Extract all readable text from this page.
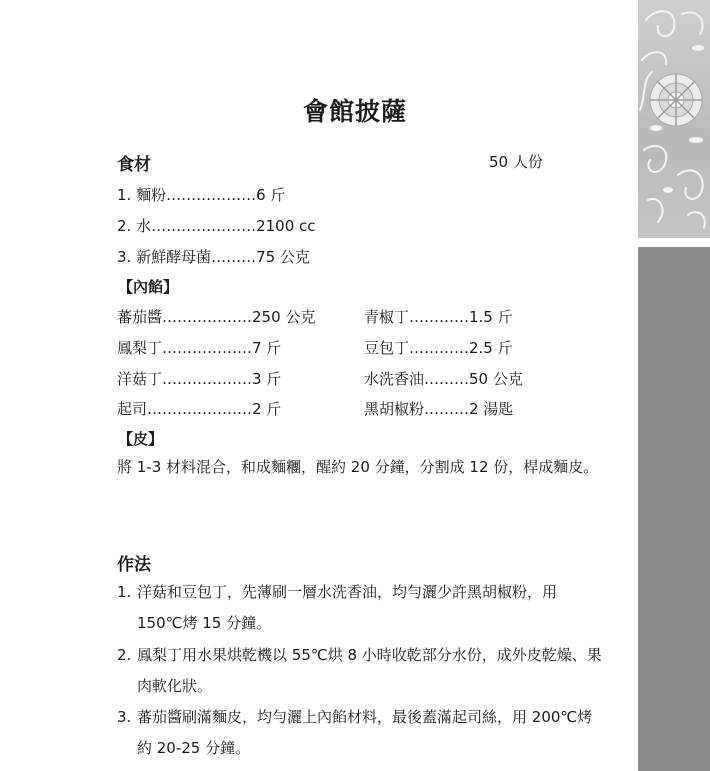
會館披薩
食材	50 人份
1. 麵粉………………6 斤
2. 水…………………2100 cc
3. 新鮮酵母菌………75 公克
【內餡】
蕃茄醬………………250 公克
鳳梨丁………………7 斤
洋菇丁………………3 斤
起司…………………2 斤
青椒丁…………1.5 斤
豆包丁…………2.5 斤
水洗香油………50 公克
黑胡椒粉………2 湯匙
【皮】
將 1-3 材料混合，和成麵糰，醒約 20 分鐘，分割成 12 份，桿成麵皮。
作法
1. 洋菇和豆包丁，先薄刷一層水洗香油，均勻灑少許黑胡椒粉，用 150℃烤 15 分鐘。
2. 鳳梨丁用水果烘乾機以 55℃烘 8 小時收乾部分水份，成外皮乾燥、果肉軟化狀。
3. 蕃茄醬刷滿麵皮，均勻灑上內餡材料，最後蓋滿起司絲，用 200℃烤約 20-25 分鐘。
